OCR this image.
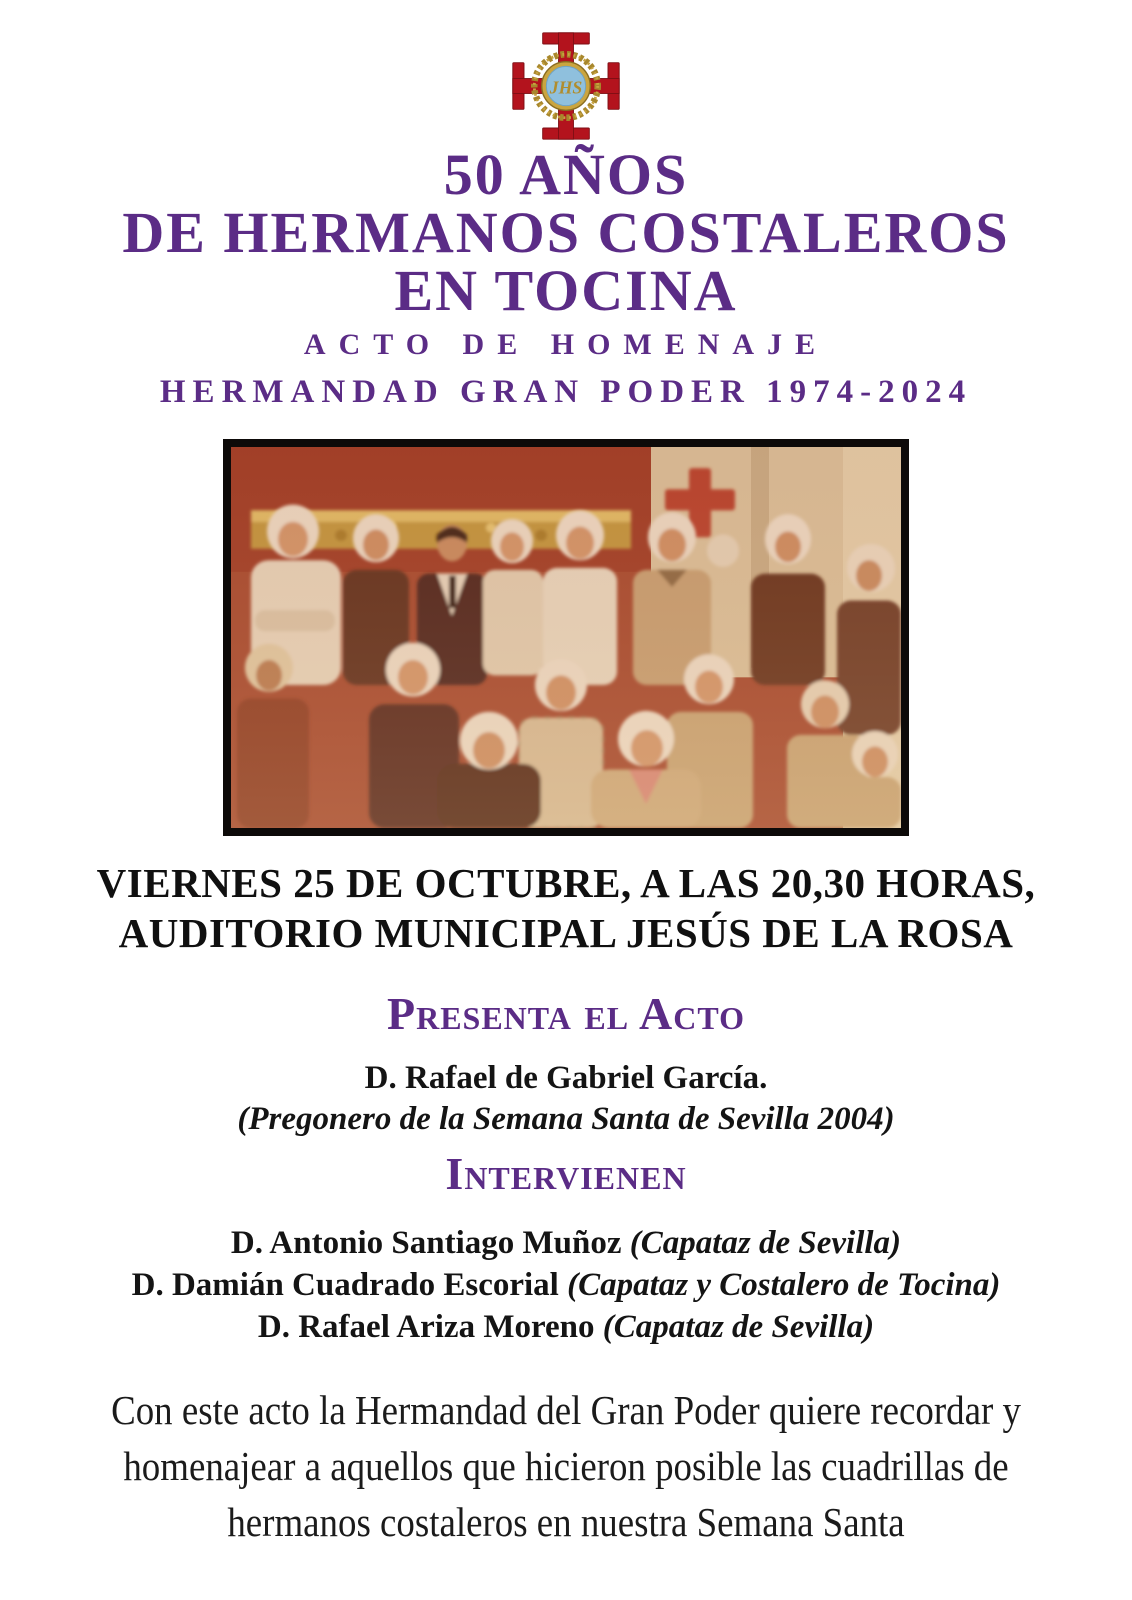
JHS
50 AÑOS
DE HERMANOS COSTALEROS
EN TOCINA
ACTO DE HOMENAJE
HERMANDAD GRAN PODER 1974-2024
VIERNES 25 DE OCTUBRE, A LAS 20,30 HORAS,
AUDITORIO MUNICIPAL JESÚS DE LA ROSA
Presenta el Acto
D. Rafael de Gabriel García.
(Pregonero de la Semana Santa de Sevilla 2004)
Intervienen
D. Antonio Santiago Muñoz (Capataz de Sevilla)
D. Damián Cuadrado Escorial (Capataz y Costalero de Tocina)
D. Rafael Ariza Moreno (Capataz de Sevilla)
Con este acto la Hermandad del Gran Poder quiere recordar y
homenajear a aquellos que hicieron posible las cuadrillas de
hermanos costaleros en nuestra Semana Santa
